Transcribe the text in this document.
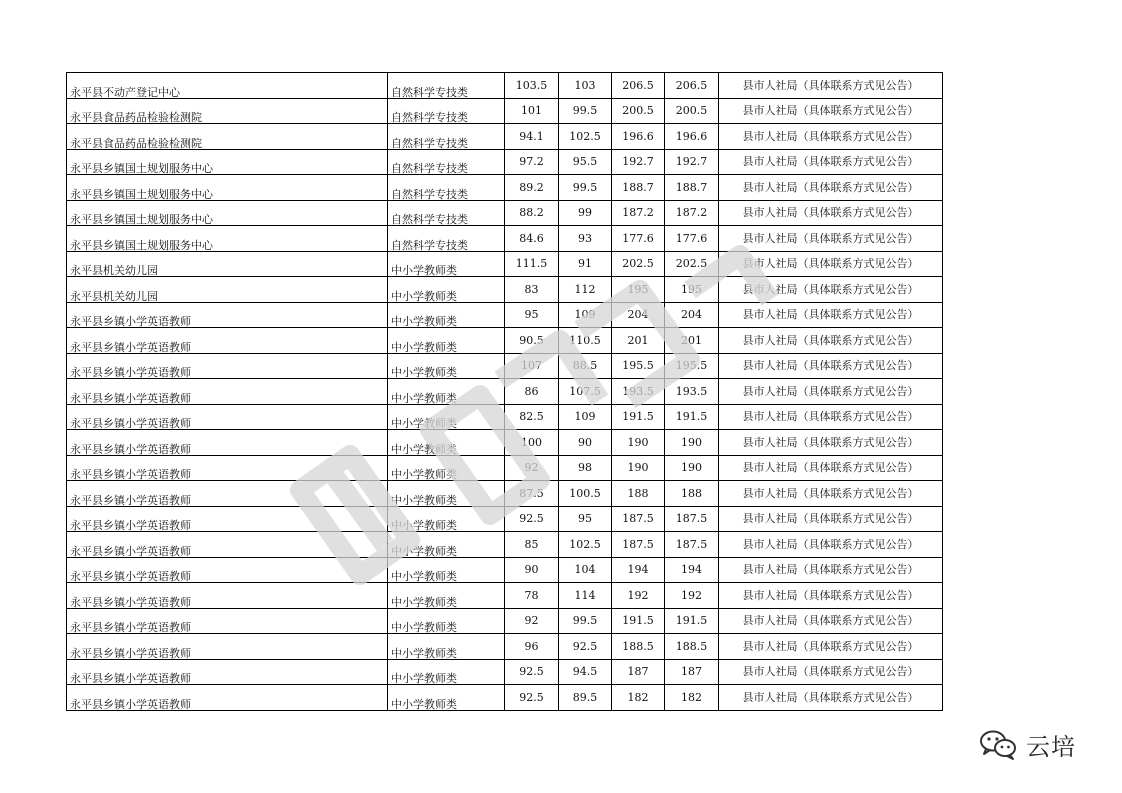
永平县不动产登记中心	自然科学专技类	103.5	103	206.5	206.5	县市人社局（具体联系方式见公告）
永平县食品药品检验检测院	自然科学专技类	101	99.5	200.5	200.5	县市人社局（具体联系方式见公告）
永平县食品药品检验检测院	自然科学专技类	94.1	102.5	196.6	196.6	县市人社局（具体联系方式见公告）
永平县乡镇国土规划服务中心	自然科学专技类	97.2	95.5	192.7	192.7	县市人社局（具体联系方式见公告）
永平县乡镇国土规划服务中心	自然科学专技类	89.2	99.5	188.7	188.7	县市人社局（具体联系方式见公告）
永平县乡镇国土规划服务中心	自然科学专技类	88.2	99	187.2	187.2	县市人社局（具体联系方式见公告）
永平县乡镇国土规划服务中心	自然科学专技类	84.6	93	177.6	177.6	县市人社局（具体联系方式见公告）
永平县机关幼儿园	中小学教师类	111.5	91	202.5	202.5	县市人社局（具体联系方式见公告）
永平县机关幼儿园	中小学教师类	83	112	195	195	县市人社局（具体联系方式见公告）
永平县乡镇小学英语教师	中小学教师类	95	109	204	204	县市人社局（具体联系方式见公告）
永平县乡镇小学英语教师	中小学教师类	90.5	110.5	201	201	县市人社局（具体联系方式见公告）
永平县乡镇小学英语教师	中小学教师类	107	88.5	195.5	195.5	县市人社局（具体联系方式见公告）
永平县乡镇小学英语教师	中小学教师类	86	107.5	193.5	193.5	县市人社局（具体联系方式见公告）
永平县乡镇小学英语教师	中小学教师类	82.5	109	191.5	191.5	县市人社局（具体联系方式见公告）
永平县乡镇小学英语教师	中小学教师类	100	90	190	190	县市人社局（具体联系方式见公告）
永平县乡镇小学英语教师	中小学教师类	92	98	190	190	县市人社局（具体联系方式见公告）
永平县乡镇小学英语教师	中小学教师类	87.5	100.5	188	188	县市人社局（具体联系方式见公告）
永平县乡镇小学英语教师	中小学教师类	92.5	95	187.5	187.5	县市人社局（具体联系方式见公告）
永平县乡镇小学英语教师	中小学教师类	85	102.5	187.5	187.5	县市人社局（具体联系方式见公告）
永平县乡镇小学英语教师	中小学教师类	90	104	194	194	县市人社局（具体联系方式见公告）
永平县乡镇小学英语教师	中小学教师类	78	114	192	192	县市人社局（具体联系方式见公告）
永平县乡镇小学英语教师	中小学教师类	92	99.5	191.5	191.5	县市人社局（具体联系方式见公告）
永平县乡镇小学英语教师	中小学教师类	96	92.5	188.5	188.5	县市人社局（具体联系方式见公告）
永平县乡镇小学英语教师	中小学教师类	92.5	94.5	187	187	县市人社局（具体联系方式见公告）
永平县乡镇小学英语教师	中小学教师类	92.5	89.5	182	182	县市人社局（具体联系方式见公告）
云培
